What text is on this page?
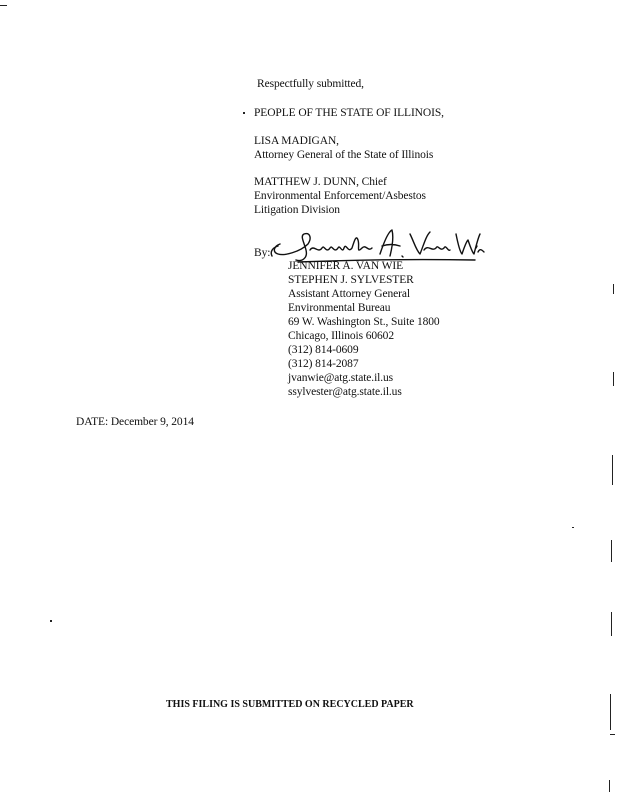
Respectfully submitted,
PEOPLE OF THE STATE OF ILLINOIS,
LISA MADIGAN,
Attorney General of the State of Illinois
MATTHEW J. DUNN, Chief
Environmental Enforcement/Asbestos
Litigation Division
By:
JENNIFER A. VAN WIE
STEPHEN J. SYLVESTER
Assistant Attorney General
Environmental Bureau
69 W. Washington St., Suite 1800
Chicago, Illinois 60602
(312) 814-0609
(312) 814-2087
jvanwie@atg.state.il.us
ssylvester@atg.state.il.us
DATE: December 9, 2014
THIS FILING IS SUBMITTED ON RECYCLED PAPER
